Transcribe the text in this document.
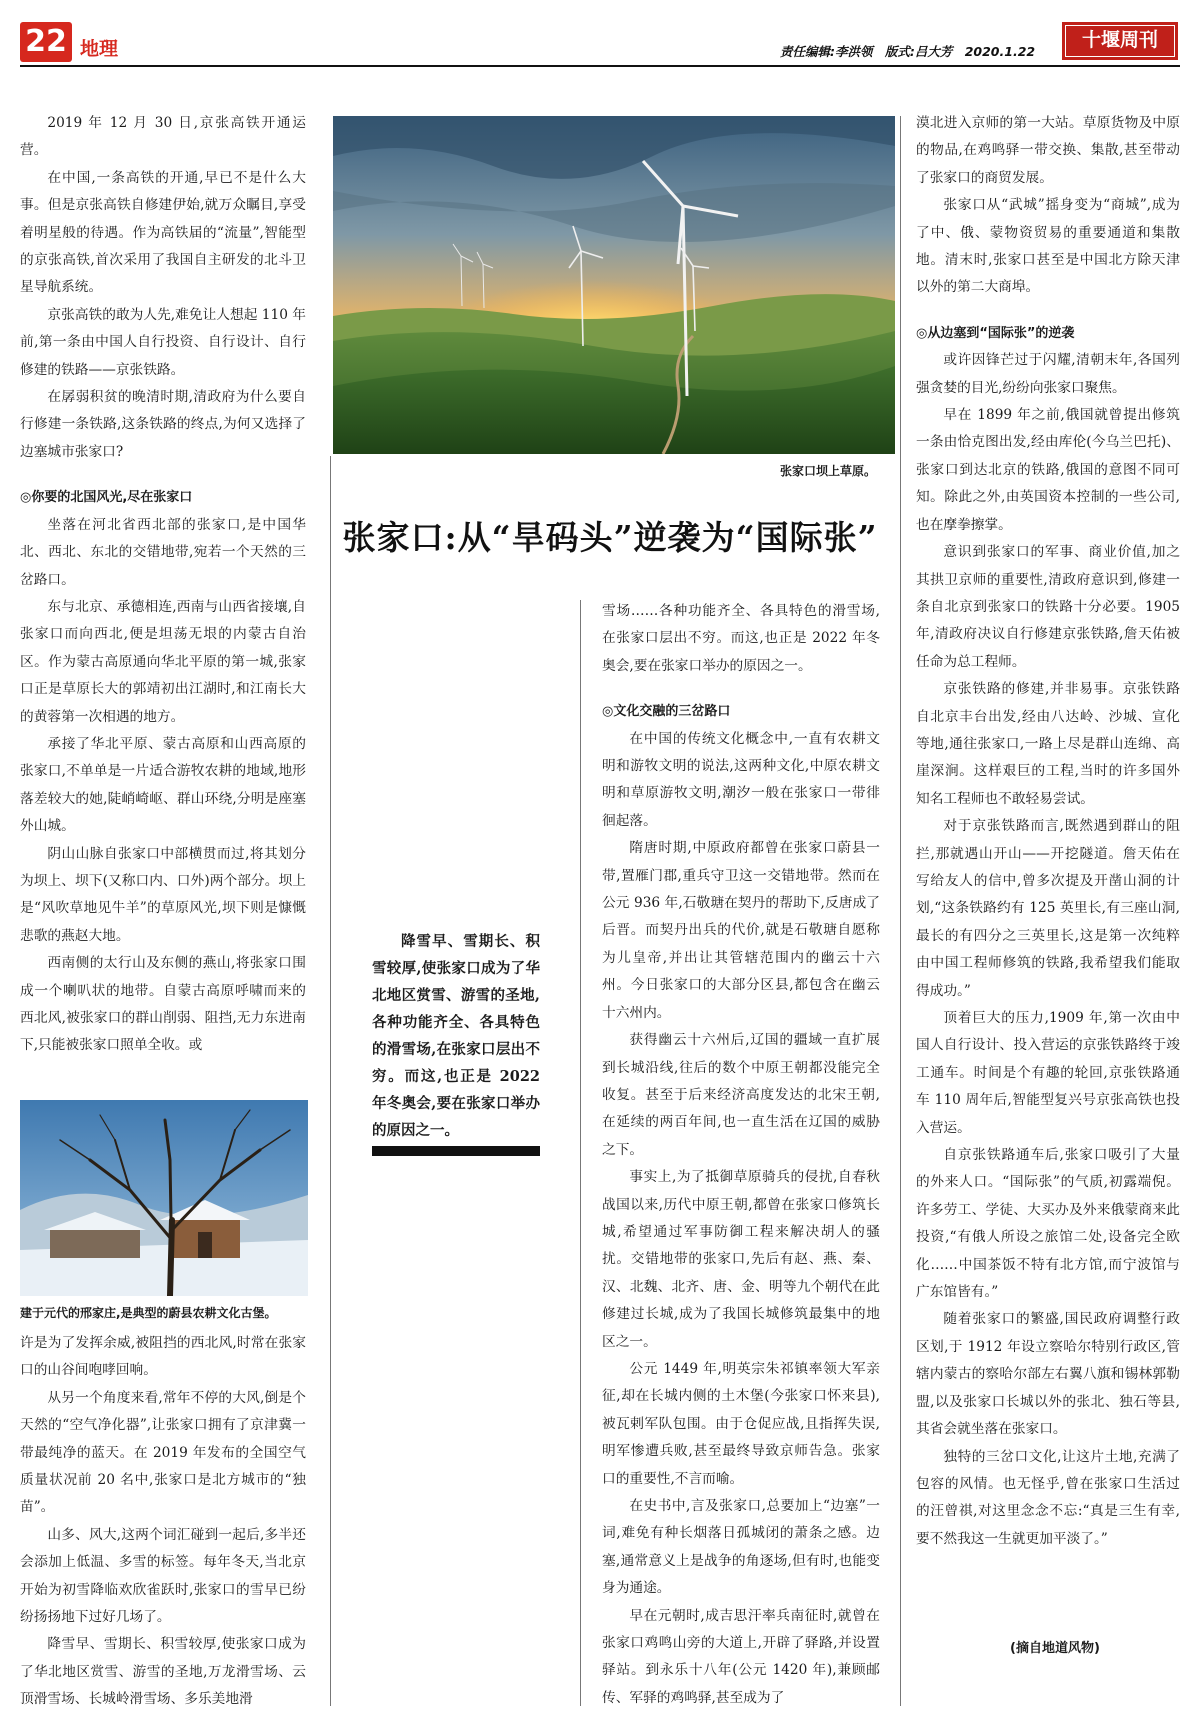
22 地理	责任编辑:李洪领 版式:吕大芳 2020.1.22
十堰周刊
张家口坝上草原。
张家口:从“旱码头”逆袭为“国际张”

降雪早、雪期长、积雪较厚,使张家口成为了华北地区赏雪、游雪的圣地,各种功能齐全、各具特色的滑雪场,在张家口层出不穷。而这,也正是 2022 年冬奥会,要在张家口举办的原因之一。

2019 年 12 月 30 日,京张高铁开通运营。

在中国,一条高铁的开通,早已不是什么大事。但是京张高铁自修建伊始,就万众瞩目,享受着明星般的待遇。作为高铁届的“流量”,智能型的京张高铁,首次采用了我国自主研发的北斗卫星导航系统。

京张高铁的敢为人先,难免让人想起 110 年前,第一条由中国人自行投资、自行设计、自行修建的铁路——京张铁路。

在孱弱积贫的晚清时期,清政府为什么要自行修建一条铁路,这条铁路的终点,为何又选择了边塞城市张家口?

◎你要的北国风光,尽在张家口

坐落在河北省西北部的张家口,是中国华北、西北、东北的交错地带,宛若一个天然的三岔路口。

东与北京、承德相连,西南与山西省接壤,自张家口而向西北,便是坦荡无垠的内蒙古自治区。作为蒙古高原通向华北平原的第一城,张家口正是草原长大的郭靖初出江湖时,和江南长大的黄蓉第一次相遇的地方。

承接了华北平原、蒙古高原和山西高原的张家口,不单单是一片适合游牧农耕的地域,地形落差较大的她,陡峭崎岖、群山环绕,分明是座塞外山城。

阴山山脉自张家口中部横贯而过,将其划分为坝上、坝下(又称口内、口外)两个部分。坝上是“风吹草地见牛羊”的草原风光,坝下则是慷慨悲歌的燕赵大地。

西南侧的太行山及东侧的燕山,将张家口围成一个喇叭状的地带。自蒙古高原呼啸而来的西北风,被张家口的群山削弱、阻挡,无力东进南下,只能被张家口照单全收。或

建于元代的邢家庄,是典型的蔚县农耕文化古堡。

许是为了发挥余威,被阻挡的西北风,时常在张家口的山谷间咆哮回响。

从另一个角度来看,常年不停的大风,倒是个天然的“空气净化器”,让张家口拥有了京津冀一带最纯净的蓝天。在 2019 年发布的全国空气质量状况前 20 名中,张家口是北方城市的“独苗”。

山多、风大,这两个词汇碰到一起后,多半还会添加上低温、多雪的标签。每年冬天,当北京开始为初雪降临欢欣雀跃时,张家口的雪早已纷纷扬扬地下过好几场了。

降雪早、雪期长、积雪较厚,使张家口成为了华北地区赏雪、游雪的圣地,万龙滑雪场、云顶滑雪场、长城岭滑雪场、多乐美地滑

雪场……各种功能齐全、各具特色的滑雪场,在张家口层出不穷。而这,也正是 2022 年冬奥会,要在张家口举办的原因之一。

◎文化交融的三岔路口

在中国的传统文化概念中,一直有农耕文明和游牧文明的说法,这两种文化,中原农耕文明和草原游牧文明,潮汐一般在张家口一带徘徊起落。

隋唐时期,中原政府都曾在张家口蔚县一带,置雁门郡,重兵守卫这一交错地带。然而在公元 936 年,石敬瑭在契丹的帮助下,反唐成了后晋。而契丹出兵的代价,就是石敬瑭自愿称为儿皇帝,并出让其管辖范围内的幽云十六州。今日张家口的大部分区县,都包含在幽云十六州内。

获得幽云十六州后,辽国的疆域一直扩展到长城沿线,往后的数个中原王朝都没能完全收复。甚至于后来经济高度发达的北宋王朝,在延续的两百年间,也一直生活在辽国的威胁之下。

事实上,为了抵御草原骑兵的侵扰,自春秋战国以来,历代中原王朝,都曾在张家口修筑长城,希望通过军事防御工程来解决胡人的骚扰。交错地带的张家口,先后有赵、燕、秦、汉、北魏、北齐、唐、金、明等九个朝代在此修建过长城,成为了我国长城修筑最集中的地区之一。

公元 1449 年,明英宗朱祁镇率领大军亲征,却在长城内侧的土木堡(今张家口怀来县),被瓦剌军队包围。由于仓促应战,且指挥失误,明军惨遭兵败,甚至最终导致京师告急。张家口的重要性,不言而喻。

在史书中,言及张家口,总要加上“边塞”一词,难免有种长烟落日孤城闭的萧条之感。边塞,通常意义上是战争的角逐场,但有时,也能变身为通途。

早在元朝时,成吉思汗率兵南征时,就曾在张家口鸡鸣山旁的大道上,开辟了驿路,并设置驿站。到永乐十八年(公元 1420 年),兼顾邮传、军驿的鸡鸣驿,甚至成为了

漠北进入京师的第一大站。草原货物及中原的物品,在鸡鸣驿一带交换、集散,甚至带动了张家口的商贸发展。

张家口从“武城”摇身变为“商城”,成为了中、俄、蒙物资贸易的重要通道和集散地。清末时,张家口甚至是中国北方除天津以外的第二大商埠。

◎从边塞到“国际张”的逆袭

或许因锋芒过于闪耀,清朝末年,各国列强贪婪的目光,纷纷向张家口聚焦。

早在 1899 年之前,俄国就曾提出修筑一条由恰克图出发,经由库伦(今乌兰巴托)、张家口到达北京的铁路,俄国的意图不同可知。除此之外,由英国资本控制的一些公司,也在摩拳擦掌。

意识到张家口的军事、商业价值,加之其拱卫京师的重要性,清政府意识到,修建一条自北京到张家口的铁路十分必要。1905 年,清政府决议自行修建京张铁路,詹天佑被任命为总工程师。

京张铁路的修建,并非易事。京张铁路自北京丰台出发,经由八达岭、沙城、宣化等地,通往张家口,一路上尽是群山连绵、高崖深涧。这样艰巨的工程,当时的许多国外知名工程师也不敢轻易尝试。

对于京张铁路而言,既然遇到群山的阻拦,那就遇山开山——开挖隧道。詹天佑在写给友人的信中,曾多次提及开凿山洞的计划,“这条铁路约有 125 英里长,有三座山洞,最长的有四分之三英里长,这是第一次纯粹由中国工程师修筑的铁路,我希望我们能取得成功。”

顶着巨大的压力,1909 年,第一次由中国人自行设计、投入营运的京张铁路终于竣工通车。时间是个有趣的轮回,京张铁路通车 110 周年后,智能型复兴号京张高铁也投入营运。

自京张铁路通车后,张家口吸引了大量的外来人口。“国际张”的气质,初露端倪。许多劳工、学徒、大买办及外来俄蒙商来此投资,“有俄人所设之旅馆二处,设备完全欧化……中国茶饭不特有北方馆,而宁波馆与广东馆皆有。”

随着张家口的繁盛,国民政府调整行政区划,于 1912 年设立察哈尔特别行政区,管辖内蒙古的察哈尔部左右翼八旗和锡林郭勒盟,以及张家口长城以外的张北、独石等县,其省会就坐落在张家口。

独特的三岔口文化,让这片土地,充满了包容的风情。也无怪乎,曾在张家口生活过的汪曾祺,对这里念念不忘:“真是三生有幸,要不然我这一生就更加平淡了。”

(摘自地道风物)
